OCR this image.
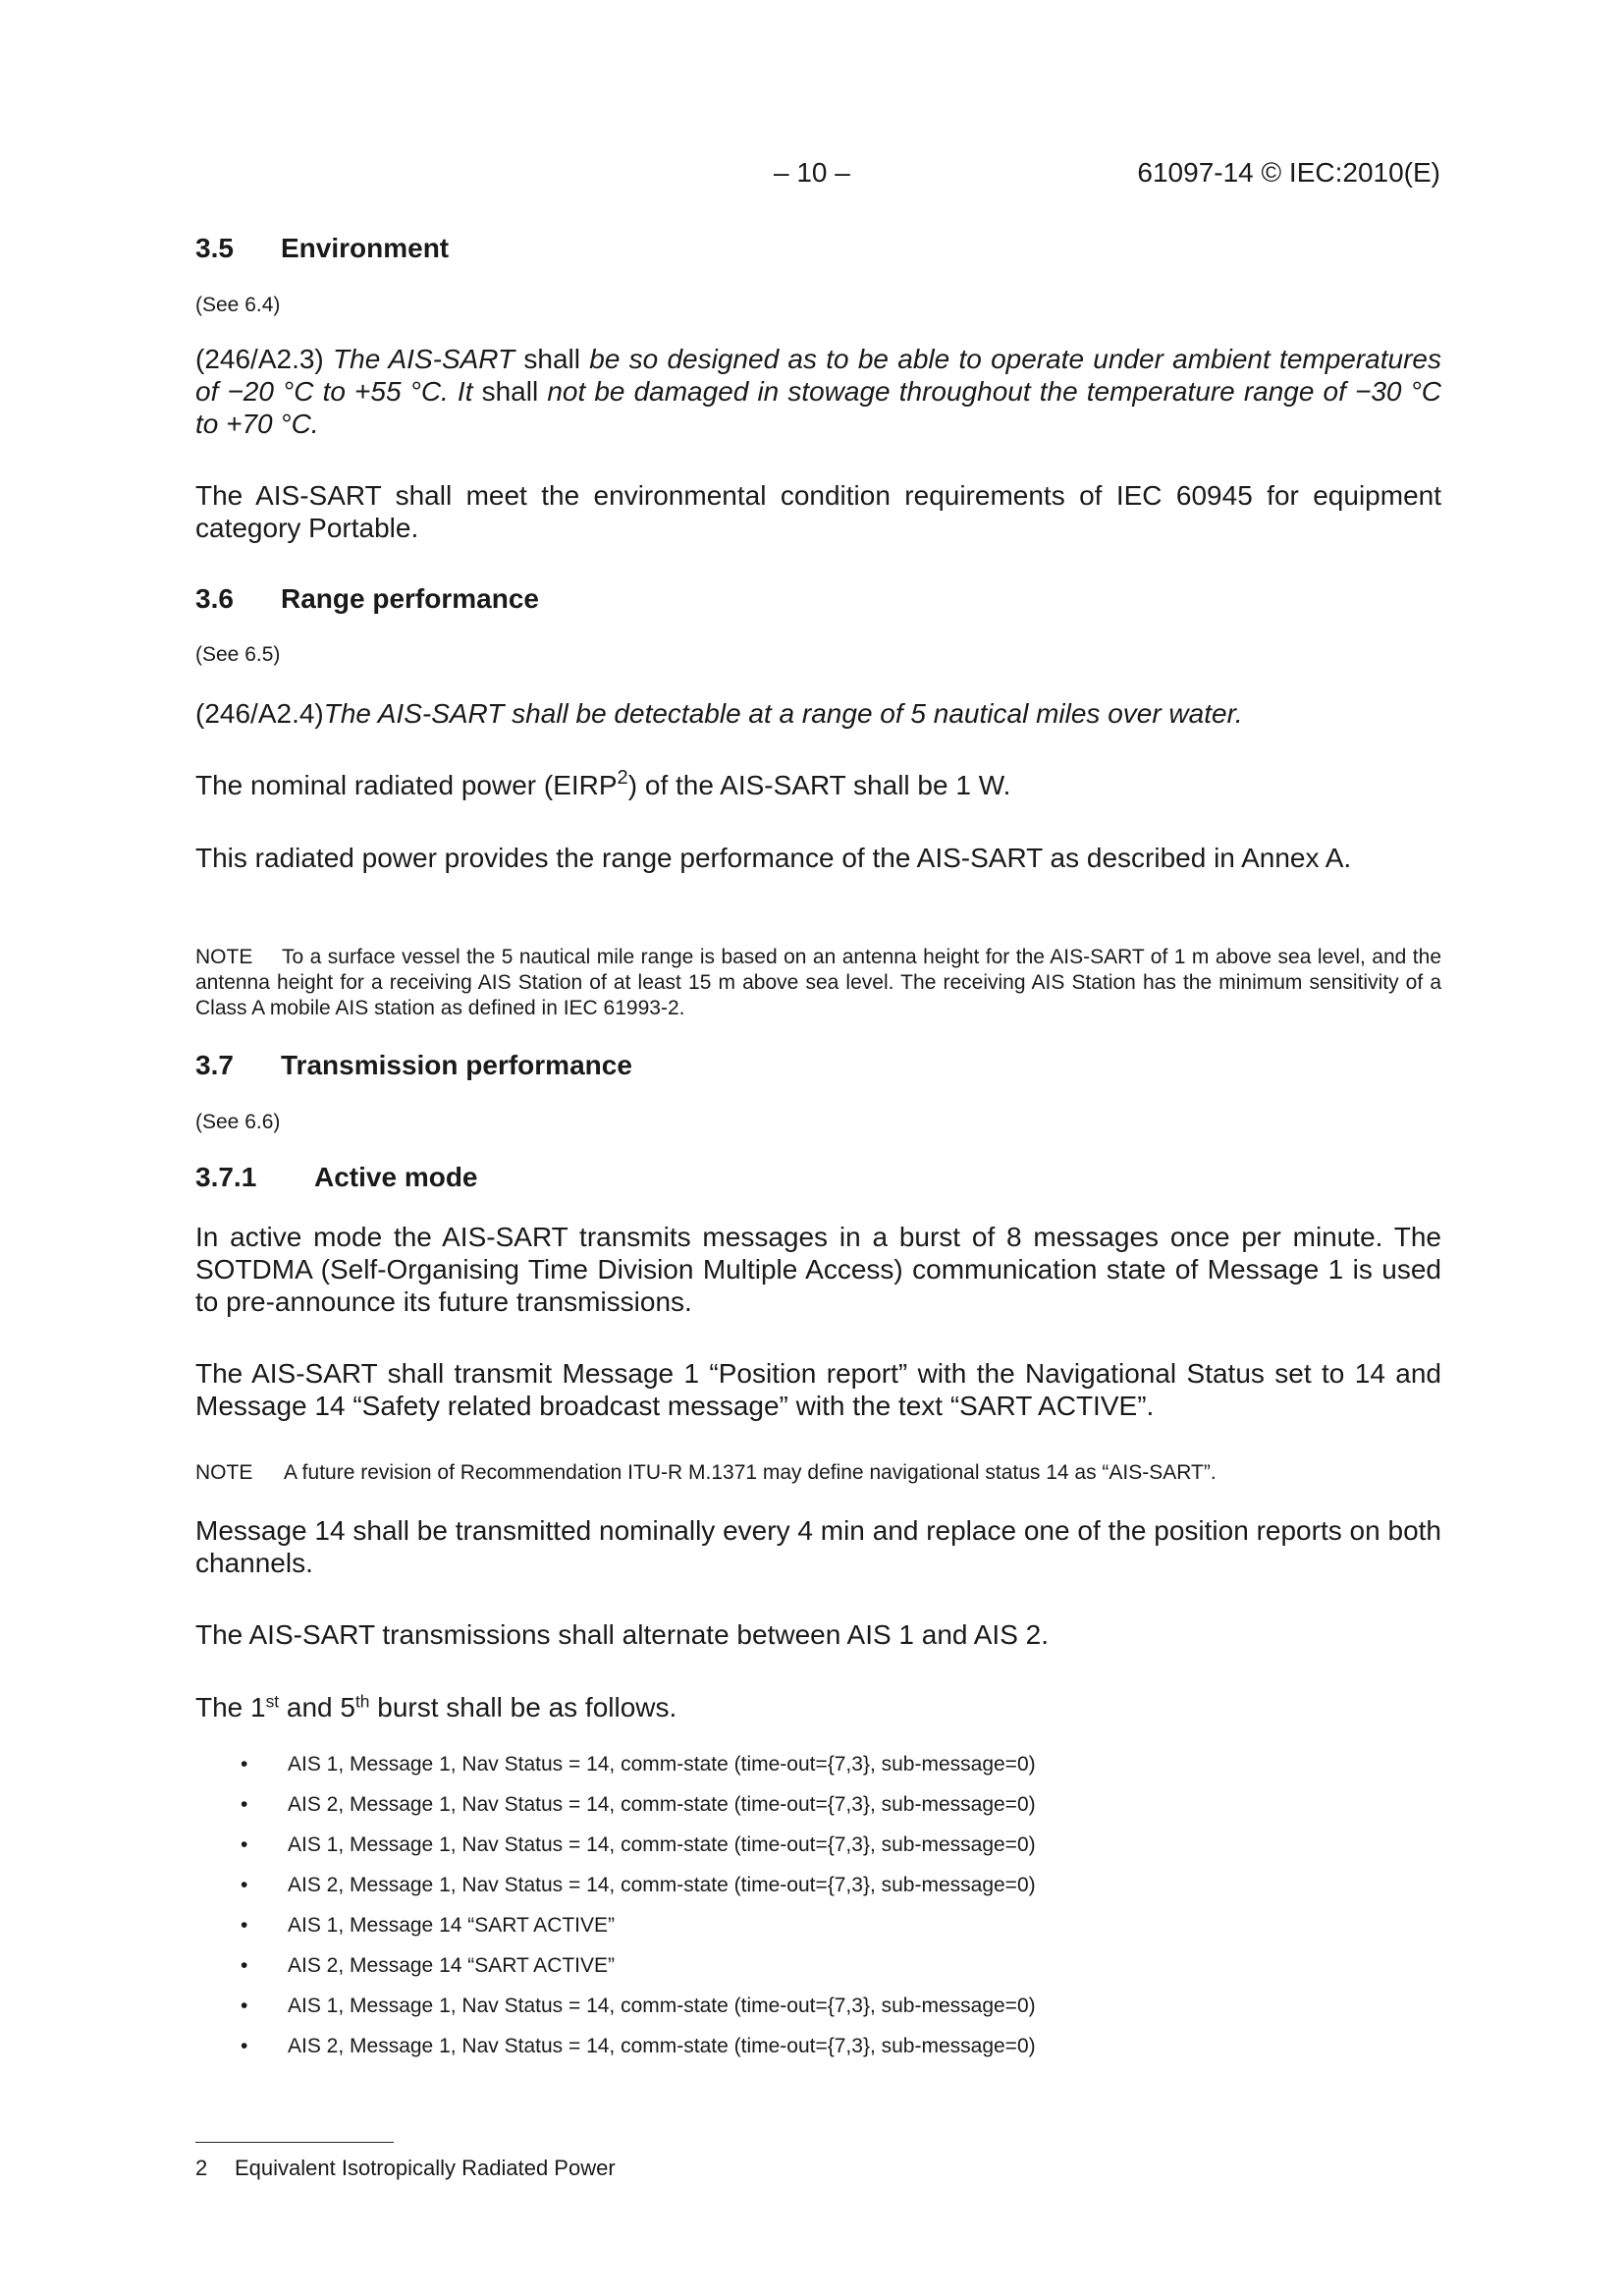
– 10 –	61097-14 © IEC:2010(E)
3.5 Environment
(See 6.4)
(246/A2.3) The AIS-SART shall be so designed as to be able to operate under ambient temperatures of −20 °C to +55 °C. It shall not be damaged in stowage throughout the temperature range of −30 °C to +70 °C.
The AIS-SART shall meet the environmental condition requirements of IEC 60945 for equipment category Portable.
3.6 Range performance
(See 6.5)
(246/A2.4)The AIS-SART shall be detectable at a range of 5 nautical miles over water.
The nominal radiated power (EIRP$^2$) of the AIS-SART shall be 1 W.
This radiated power provides the range performance of the AIS-SART as described in Annex A.
NOTE To a surface vessel the 5 nautical mile range is based on an antenna height for the AIS-SART of 1 m above sea level, and the antenna height for a receiving AIS Station of at least 15 m above sea level. The receiving AIS Station has the minimum sensitivity of a Class A mobile AIS station as defined in IEC 61993-2.
3.7 Transmission performance
(See 6.6)
3.7.1 Active mode
In active mode the AIS-SART transmits messages in a burst of 8 messages once per minute. The SOTDMA (Self-Organising Time Division Multiple Access) communication state of Message 1 is used to pre-announce its future transmissions.
The AIS-SART shall transmit Message 1 “Position report” with the Navigational Status set to 14 and Message 14 “Safety related broadcast message” with the text “SART ACTIVE”.
NOTE A future revision of Recommendation ITU-R M.1371 may define navigational status 14 as “AIS-SART”.
Message 14 shall be transmitted nominally every 4 min and replace one of the position reports on both channels.
The AIS-SART transmissions shall alternate between AIS 1 and AIS 2.
The 1st and 5th burst shall be as follows.
• AIS 1, Message 1, Nav Status = 14, comm-state (time-out={7,3}, sub-message=0)
• AIS 2, Message 1, Nav Status = 14, comm-state (time-out={7,3}, sub-message=0)
• AIS 1, Message 1, Nav Status = 14, comm-state (time-out={7,3}, sub-message=0)
• AIS 2, Message 1, Nav Status = 14, comm-state (time-out={7,3}, sub-message=0)
• AIS 1, Message 14 “SART ACTIVE”
• AIS 2, Message 14 “SART ACTIVE”
• AIS 1, Message 1, Nav Status = 14, comm-state (time-out={7,3}, sub-message=0)
• AIS 2, Message 1, Nav Status = 14, comm-state (time-out={7,3}, sub-message=0)
2 Equivalent Isotropically Radiated Power
